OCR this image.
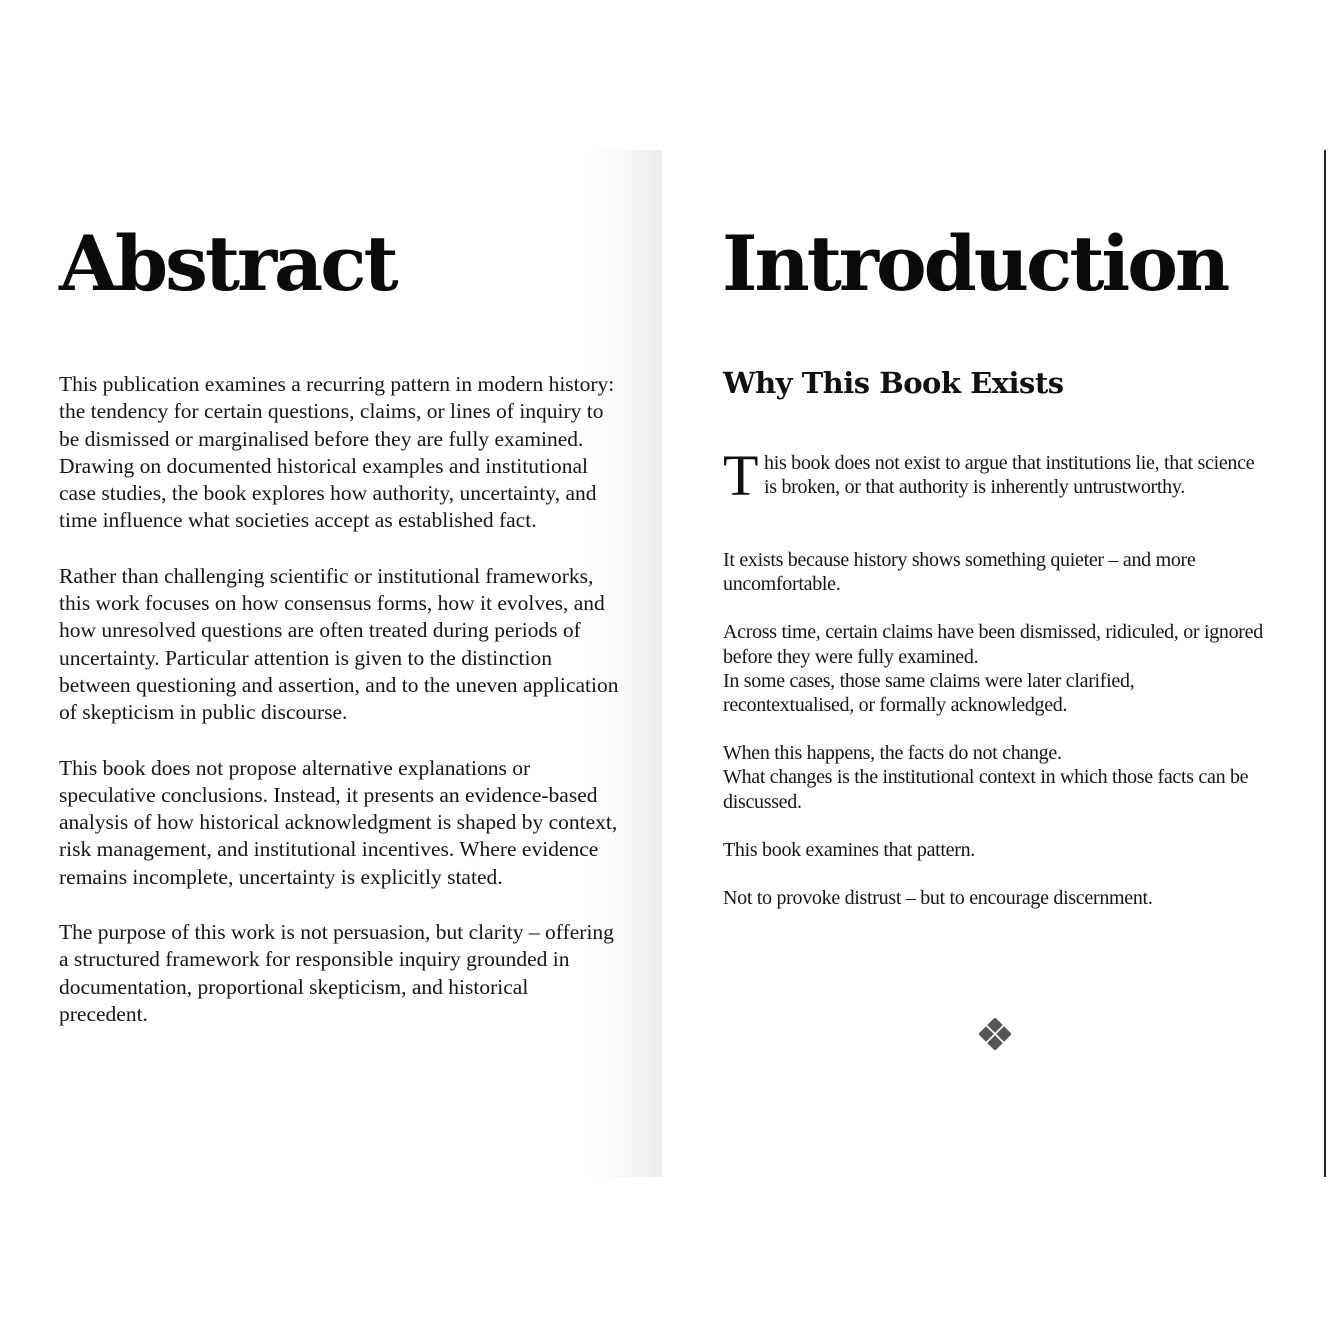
Abstract

This publication examines a recurring pattern in modern history: the tendency for certain questions, claims, or lines of inquiry to be dismissed or marginalised before they are fully examined. Drawing on documented historical examples and institutional case studies, the book explores how authority, uncertainty, and time influence what societies accept as established fact.

Rather than challenging scientific or institutional frameworks, this work focuses on how consensus forms, how it evolves, and how unresolved questions are often treated during periods of uncertainty. Particular attention is given to the distinction between questioning and assertion, and to the uneven application of skepticism in public discourse.

This book does not propose alternative explanations or speculative conclusions. Instead, it presents an evidence-based analysis of how historical acknowledgment is shaped by context, risk management, and institutional incentives. Where evidence remains incomplete, uncertainty is explicitly stated.

The purpose of this work is not persuasion, but clarity – offering a structured framework for responsible inquiry grounded in documentation, proportional skepticism, and historical precedent.

Introduction
Why This Book Exists

T his book does not exist to argue that institutions lie, that science is broken, or that authority is inherently untrustworthy.

It exists because history shows something quieter – and more uncomfortable.

Across time, certain claims have been dismissed, ridiculed, or ignored before they were fully examined.
In some cases, those same claims were later clarified, recontextualised, or formally acknowledged.

When this happens, the facts do not change.
What changes is the institutional context in which those facts can be discussed.

This book examines that pattern.

Not to provoke distrust – but to encourage discernment.
